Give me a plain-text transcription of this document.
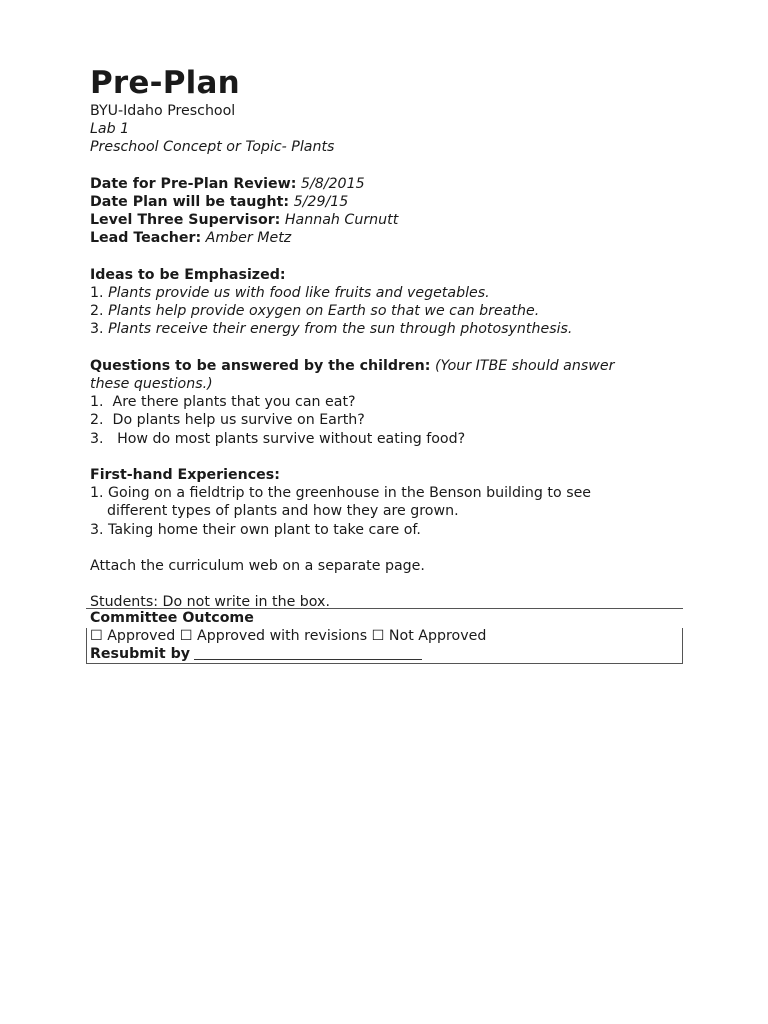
Pre-Plan
BYU-Idaho Preschool
Lab 1
Preschool Concept or Topic- Plants
Date for Pre-Plan Review: 5/8/2015
Date Plan will be taught: 5/29/15
Level Three Supervisor: Hannah Curnutt
Lead Teacher: Amber Metz
Ideas to be Emphasized:
1. Plants provide us with food like fruits and vegetables.
2. Plants help provide oxygen on Earth so that we can breathe.
3. Plants receive their energy from the sun through photosynthesis.
Questions to be answered by the children: (Your ITBE should answer
these questions.)
1.  Are there plants that you can eat?
2.  Do plants help us survive on Earth?
3.   How do most plants survive without eating food?
First-hand Experiences:
1. Going on a fieldtrip to the greenhouse in the Benson building to see
different types of plants and how they are grown.
3. Taking home their own plant to take care of.
Attach the curriculum web on a separate page.
Students: Do not write in the box.
Committee Outcome
☐ Approved ☐ Approved with revisions ☐ Not Approved
Resubmit by
